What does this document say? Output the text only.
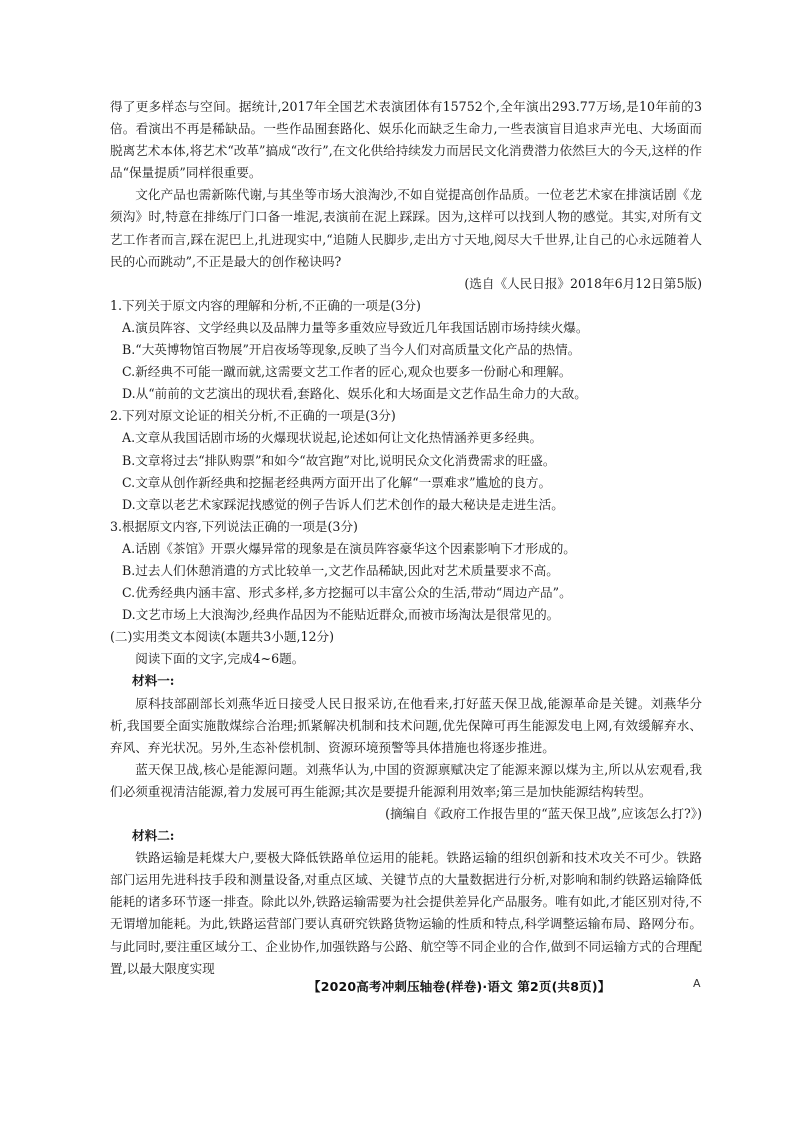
得了更多样态与空间。据统计,2017年全国艺术表演团体有15752个,全年演出293.77万场,是10年前的3倍。看演出不再是稀缺品。一些作品囿套路化、娱乐化而缺乏生命力,一些表演盲目追求声光电、大场面而脱离艺术本体,将艺术“改革”搞成“改行”,在文化供给持续发力而居民文化消费潜力依然巨大的今天,这样的作品“保量提质”同样很重要。

文化产品也需新陈代谢,与其坐等市场大浪淘沙,不如自觉提高创作品质。一位老艺术家在排演话剧《龙须沟》时,特意在排练厅门口备一堆泥,表演前在泥上踩踩。因为,这样可以找到人物的感觉。其实,对所有文艺工作者而言,踩在泥巴上,扎进现实中,“追随人民脚步,走出方寸天地,阅尽大千世界,让自己的心永远随着人民的心而跳动”,不正是最大的创作秘诀吗?

(选自《人民日报》2018年6月12日第5版)

1.下列关于原文内容的理解和分析,不正确的一项是(3分)

A.演员阵容、文学经典以及品牌力量等多重效应导致近几年我国话剧市场持续火爆。

B.“大英博物馆百物展”开启夜场等现象,反映了当今人们对高质量文化产品的热情。

C.新经典不可能一蹴而就,这需要文艺工作者的匠心,观众也要多一份耐心和理解。

D.从“前前的文艺演出的现状看,套路化、娱乐化和大场面是文艺作品生命力的大敌。

2.下列对原文论证的相关分析,不正确的一项是(3分)

A.文章从我国话剧市场的火爆现状说起,论述如何让文化热情涵养更多经典。

B.文章将过去“排队购票”和如今“故宫跑”对比,说明民众文化消费需求的旺盛。

C.文章从创作新经典和挖掘老经典两方面开出了化解“一票难求”尴尬的良方。

D.文章以老艺术家踩泥找感觉的例子告诉人们艺术创作的最大秘诀是走进生活。

3.根据原文内容,下列说法正确的一项是(3分)

A.话剧《茶馆》开票火爆异常的现象是在演员阵容豪华这个因素影响下才形成的。

B.过去人们休憩消遣的方式比较单一,文艺作品稀缺,因此对艺术质量要求不高。

C.优秀经典内涵丰富、形式多样,多方挖掘可以丰富公众的生活,带动“周边产品”。

D.文艺市场上大浪淘沙,经典作品因为不能贴近群众,而被市场淘汰是很常见的。

(二)实用类文本阅读(本题共3小题,12分)

阅读下面的文字,完成4~6题。

材料一:

原科技部副部长刘燕华近日接受人民日报采访,在他看来,打好蓝天保卫战,能源革命是关键。刘燕华分析,我国要全面实施散煤综合治理;抓紧解决机制和技术问题,优先保障可再生能源发电上网,有效缓解弃水、弃风、弃光状况。另外,生态补偿机制、资源环境预警等具体措施也将逐步推进。

蓝天保卫战,核心是能源问题。刘燕华认为,中国的资源禀赋决定了能源来源以煤为主,所以从宏观看,我们必须重视清洁能源,着力发展可再生能源;其次是要提升能源利用效率;第三是加快能源结构转型。

(摘编自《政府工作报告里的“蓝天保卫战”,应该怎么打?》)

材料二:

铁路运输是耗煤大户,要极大降低铁路单位运用的能耗。铁路运输的组织创新和技术攻关不可少。铁路部门运用先进科技手段和测量设备,对重点区域、关键节点的大量数据进行分析,对影响和制约铁路运输降低能耗的诸多环节逐一排查。除此以外,铁路运输需要为社会提供差异化产品服务。唯有如此,才能区别对待,不无谓增加能耗。为此,铁路运营部门要认真研究铁路货物运输的性质和特点,科学调整运输布局、路网分布。与此同时,要注重区域分工、企业协作,加强铁路与公路、航空等不同企业的合作,做到不同运输方式的合理配置,以最大限度实现

【2020高考冲刺压轴卷(样卷)·语文 第2页(共8页)】	A
